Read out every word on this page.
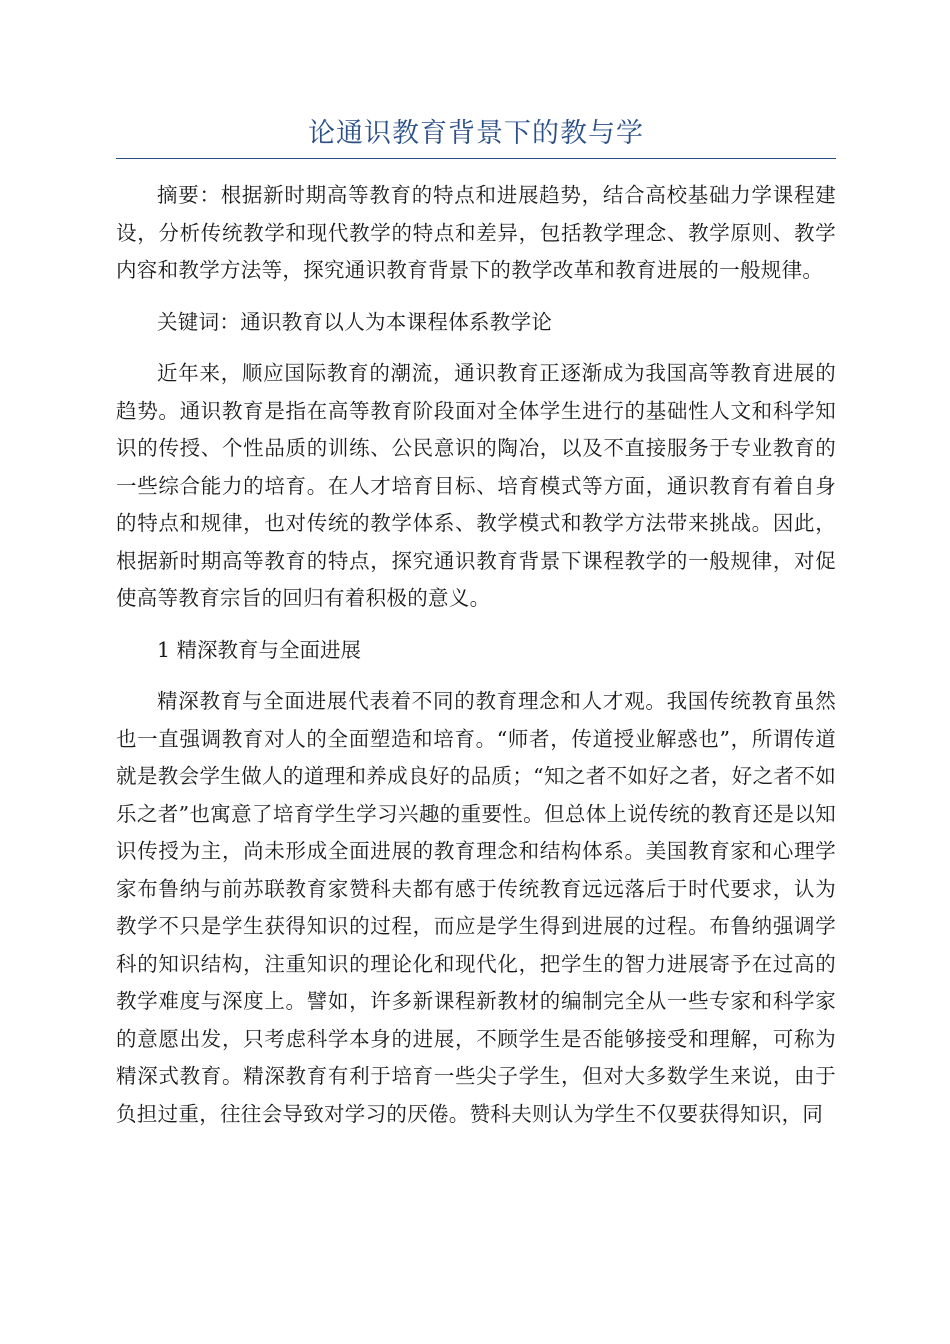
论通识教育背景下的教与学

摘要：根据新时期高等教育的特点和进展趋势，结合高校基础力学课程建设，分析传统教学和现代教学的特点和差异，包括教学理念、教学原则、教学内容和教学方法等，探究通识教育背景下的教学改革和教育进展的一般规律。

关键词：通识教育以人为本课程体系教学论

近年来，顺应国际教育的潮流，通识教育正逐渐成为我国高等教育进展的趋势。通识教育是指在高等教育阶段面对全体学生进行的基础性人文和科学知识的传授、个性品质的训练、公民意识的陶冶，以及不直接服务于专业教育的一些综合能力的培育。在人才培育目标、培育模式等方面，通识教育有着自身的特点和规律，也对传统的教学体系、教学模式和教学方法带来挑战。因此，根据新时期高等教育的特点，探究通识教育背景下课程教学的一般规律，对促使高等教育宗旨的回归有着积极的意义。

1 精深教育与全面进展

精深教育与全面进展代表着不同的教育理念和人才观。我国传统教育虽然也一直强调教育对人的全面塑造和培育。“师者，传道授业解惑也”，所谓传道就是教会学生做人的道理和养成良好的品质；“知之者不如好之者，好之者不如乐之者”也寓意了培育学生学习兴趣的重要性。但总体上说传统的教育还是以知识传授为主，尚未形成全面进展的教育理念和结构体系。美国教育家和心理学家布鲁纳与前苏联教育家赞科夫都有感于传统教育远远落后于时代要求，认为教学不只是学生获得知识的过程，而应是学生得到进展的过程。布鲁纳强调学科的知识结构，注重知识的理论化和现代化，把学生的智力进展寄予在过高的教学难度与深度上。譬如，许多新课程新教材的编制完全从一些专家和科学家的意愿出发，只考虑科学本身的进展，不顾学生是否能够接受和理解，可称为精深式教育。精深教育有利于培育一些尖子学生，但对大多数学生来说，由于负担过重，往往会导致对学习的厌倦。赞科夫则认为学生不仅要获得知识，同
